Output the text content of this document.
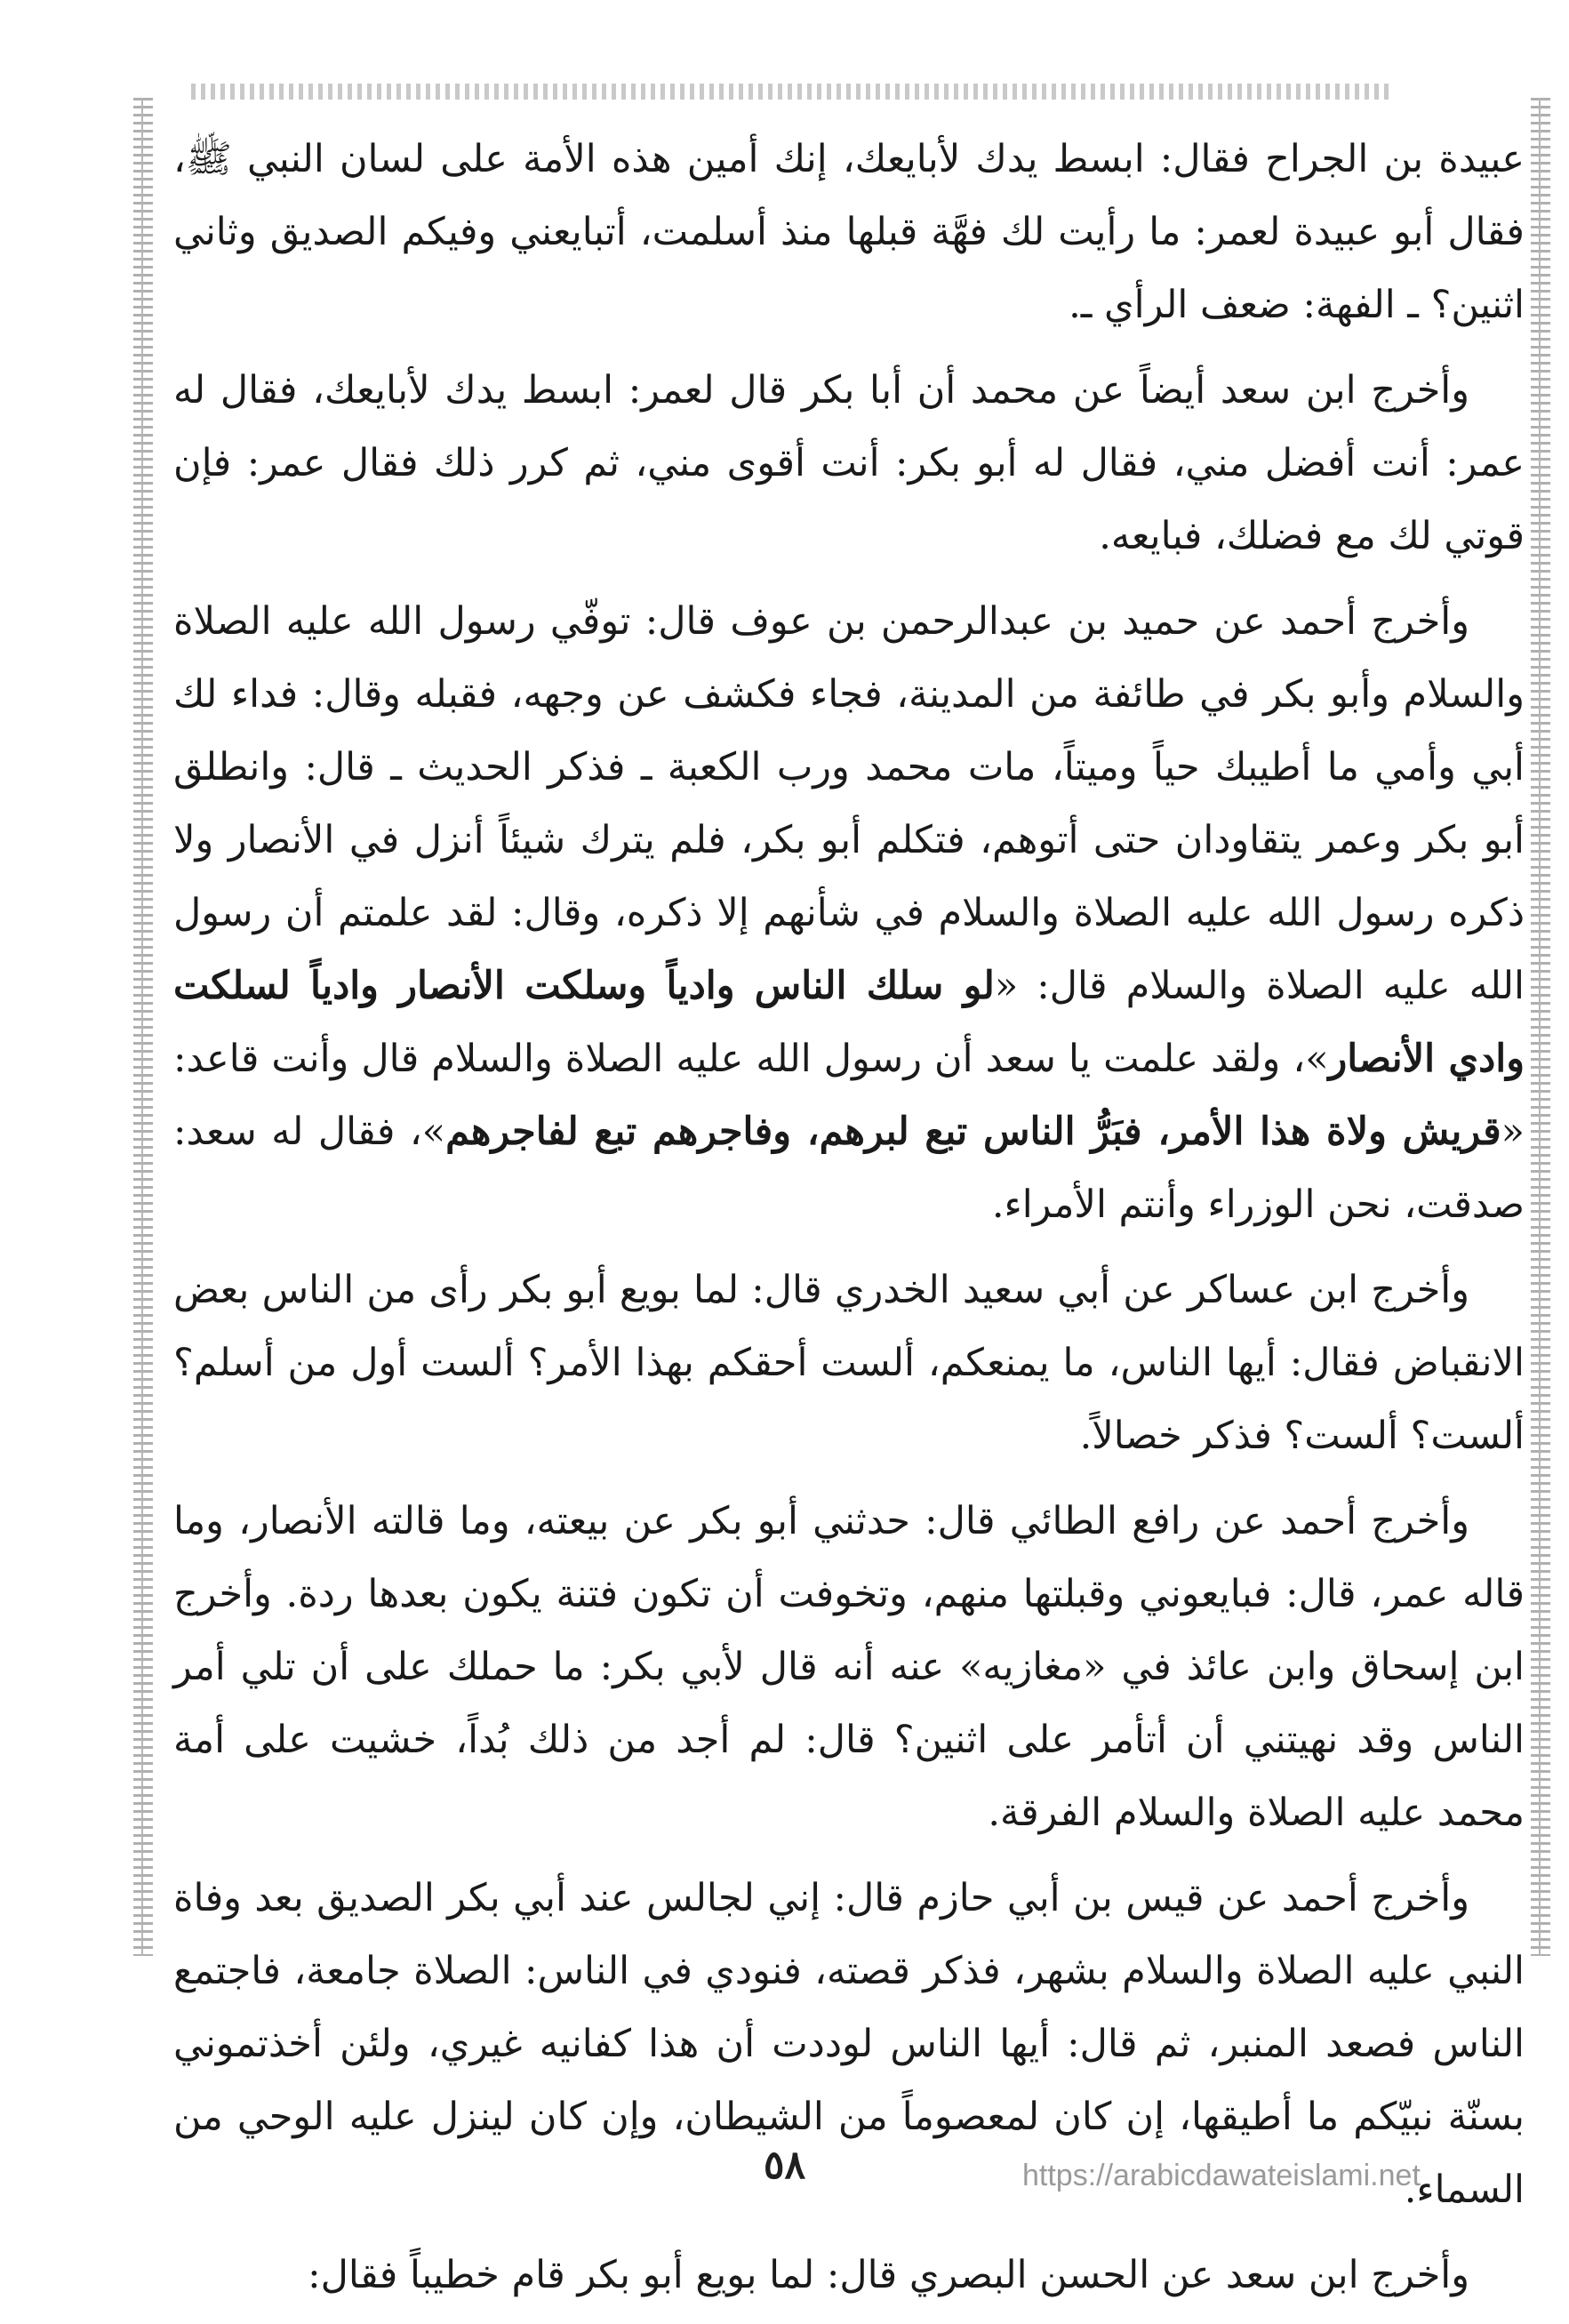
عبيدة بن الجراح فقال: ابسط يدك لأبايعك، إنك أمين هذه الأمة على لسان النبي ﷺ، فقال أبو عبيدة لعمر: ما رأيت لك فهَّة قبلها منذ أسلمت، أتبايعني وفيكم الصديق وثاني اثنين؟ ـ الفهة: ضعف الرأي ـ.

وأخرج ابن سعد أيضاً عن محمد أن أبا بكر قال لعمر: ابسط يدك لأبايعك، فقال له عمر: أنت أفضل مني، فقال له أبو بكر: أنت أقوى مني، ثم كرر ذلك فقال عمر: فإن قوتي لك مع فضلك، فبايعه.

وأخرج أحمد عن حميد بن عبدالرحمن بن عوف قال: توفّي رسول الله عليه الصلاة والسلام وأبو بكر في طائفة من المدينة، فجاء فكشف عن وجهه، فقبله وقال: فداء لك أبي وأمي ما أطيبك حياً وميتاً، مات محمد ورب الكعبة ـ فذكر الحديث ـ قال: وانطلق أبو بكر وعمر يتقاودان حتى أتوهم، فتكلم أبو بكر، فلم يترك شيئاً أنزل في الأنصار ولا ذكره رسول الله عليه الصلاة والسلام في شأنهم إلا ذكره، وقال: لقد علمتم أن رسول الله عليه الصلاة والسلام قال: «لو سلك الناس وادياً وسلكت الأنصار وادياً لسلكت وادي الأنصار»، ولقد علمت يا سعد أن رسول الله عليه الصلاة والسلام قال وأنت قاعد: «قريش ولاة هذا الأمر، فبَرُّ الناس تبع لبرهم، وفاجرهم تبع لفاجرهم»، فقال له سعد: صدقت، نحن الوزراء وأنتم الأمراء.

وأخرج ابن عساكر عن أبي سعيد الخدري قال: لما بويع أبو بكر رأى من الناس بعض الانقباض فقال: أيها الناس، ما يمنعكم، ألست أحقكم بهذا الأمر؟ ألست أول من أسلم؟ ألست؟ ألست؟ فذكر خصالاً.

وأخرج أحمد عن رافع الطائي قال: حدثني أبو بكر عن بيعته، وما قالته الأنصار، وما قاله عمر، قال: فبايعوني وقبلتها منهم، وتخوفت أن تكون فتنة يكون بعدها ردة. وأخرج ابن إسحاق وابن عائذ في «مغازيه» عنه أنه قال لأبي بكر: ما حملك على أن تلي أمر الناس وقد نهيتني أن أتأمر على اثنين؟ قال: لم أجد من ذلك بُداً، خشيت على أمة محمد عليه الصلاة والسلام الفرقة.

وأخرج أحمد عن قيس بن أبي حازم قال: إني لجالس عند أبي بكر الصديق بعد وفاة النبي عليه الصلاة والسلام بشهر، فذكر قصته، فنودي في الناس: الصلاة جامعة، فاجتمع الناس فصعد المنبر، ثم قال: أيها الناس لوددت أن هذا كفانيه غيري، ولئن أخذتموني بسنّة نبيّكم ما أطيقها، إن كان لمعصوماً من الشيطان، وإن كان لينزل عليه الوحي من السماء.

وأخرج ابن سعد عن الحسن البصري قال: لما بويع أبو بكر قام خطيباً فقال:

٥٨	https://arabicdawateislami.net
